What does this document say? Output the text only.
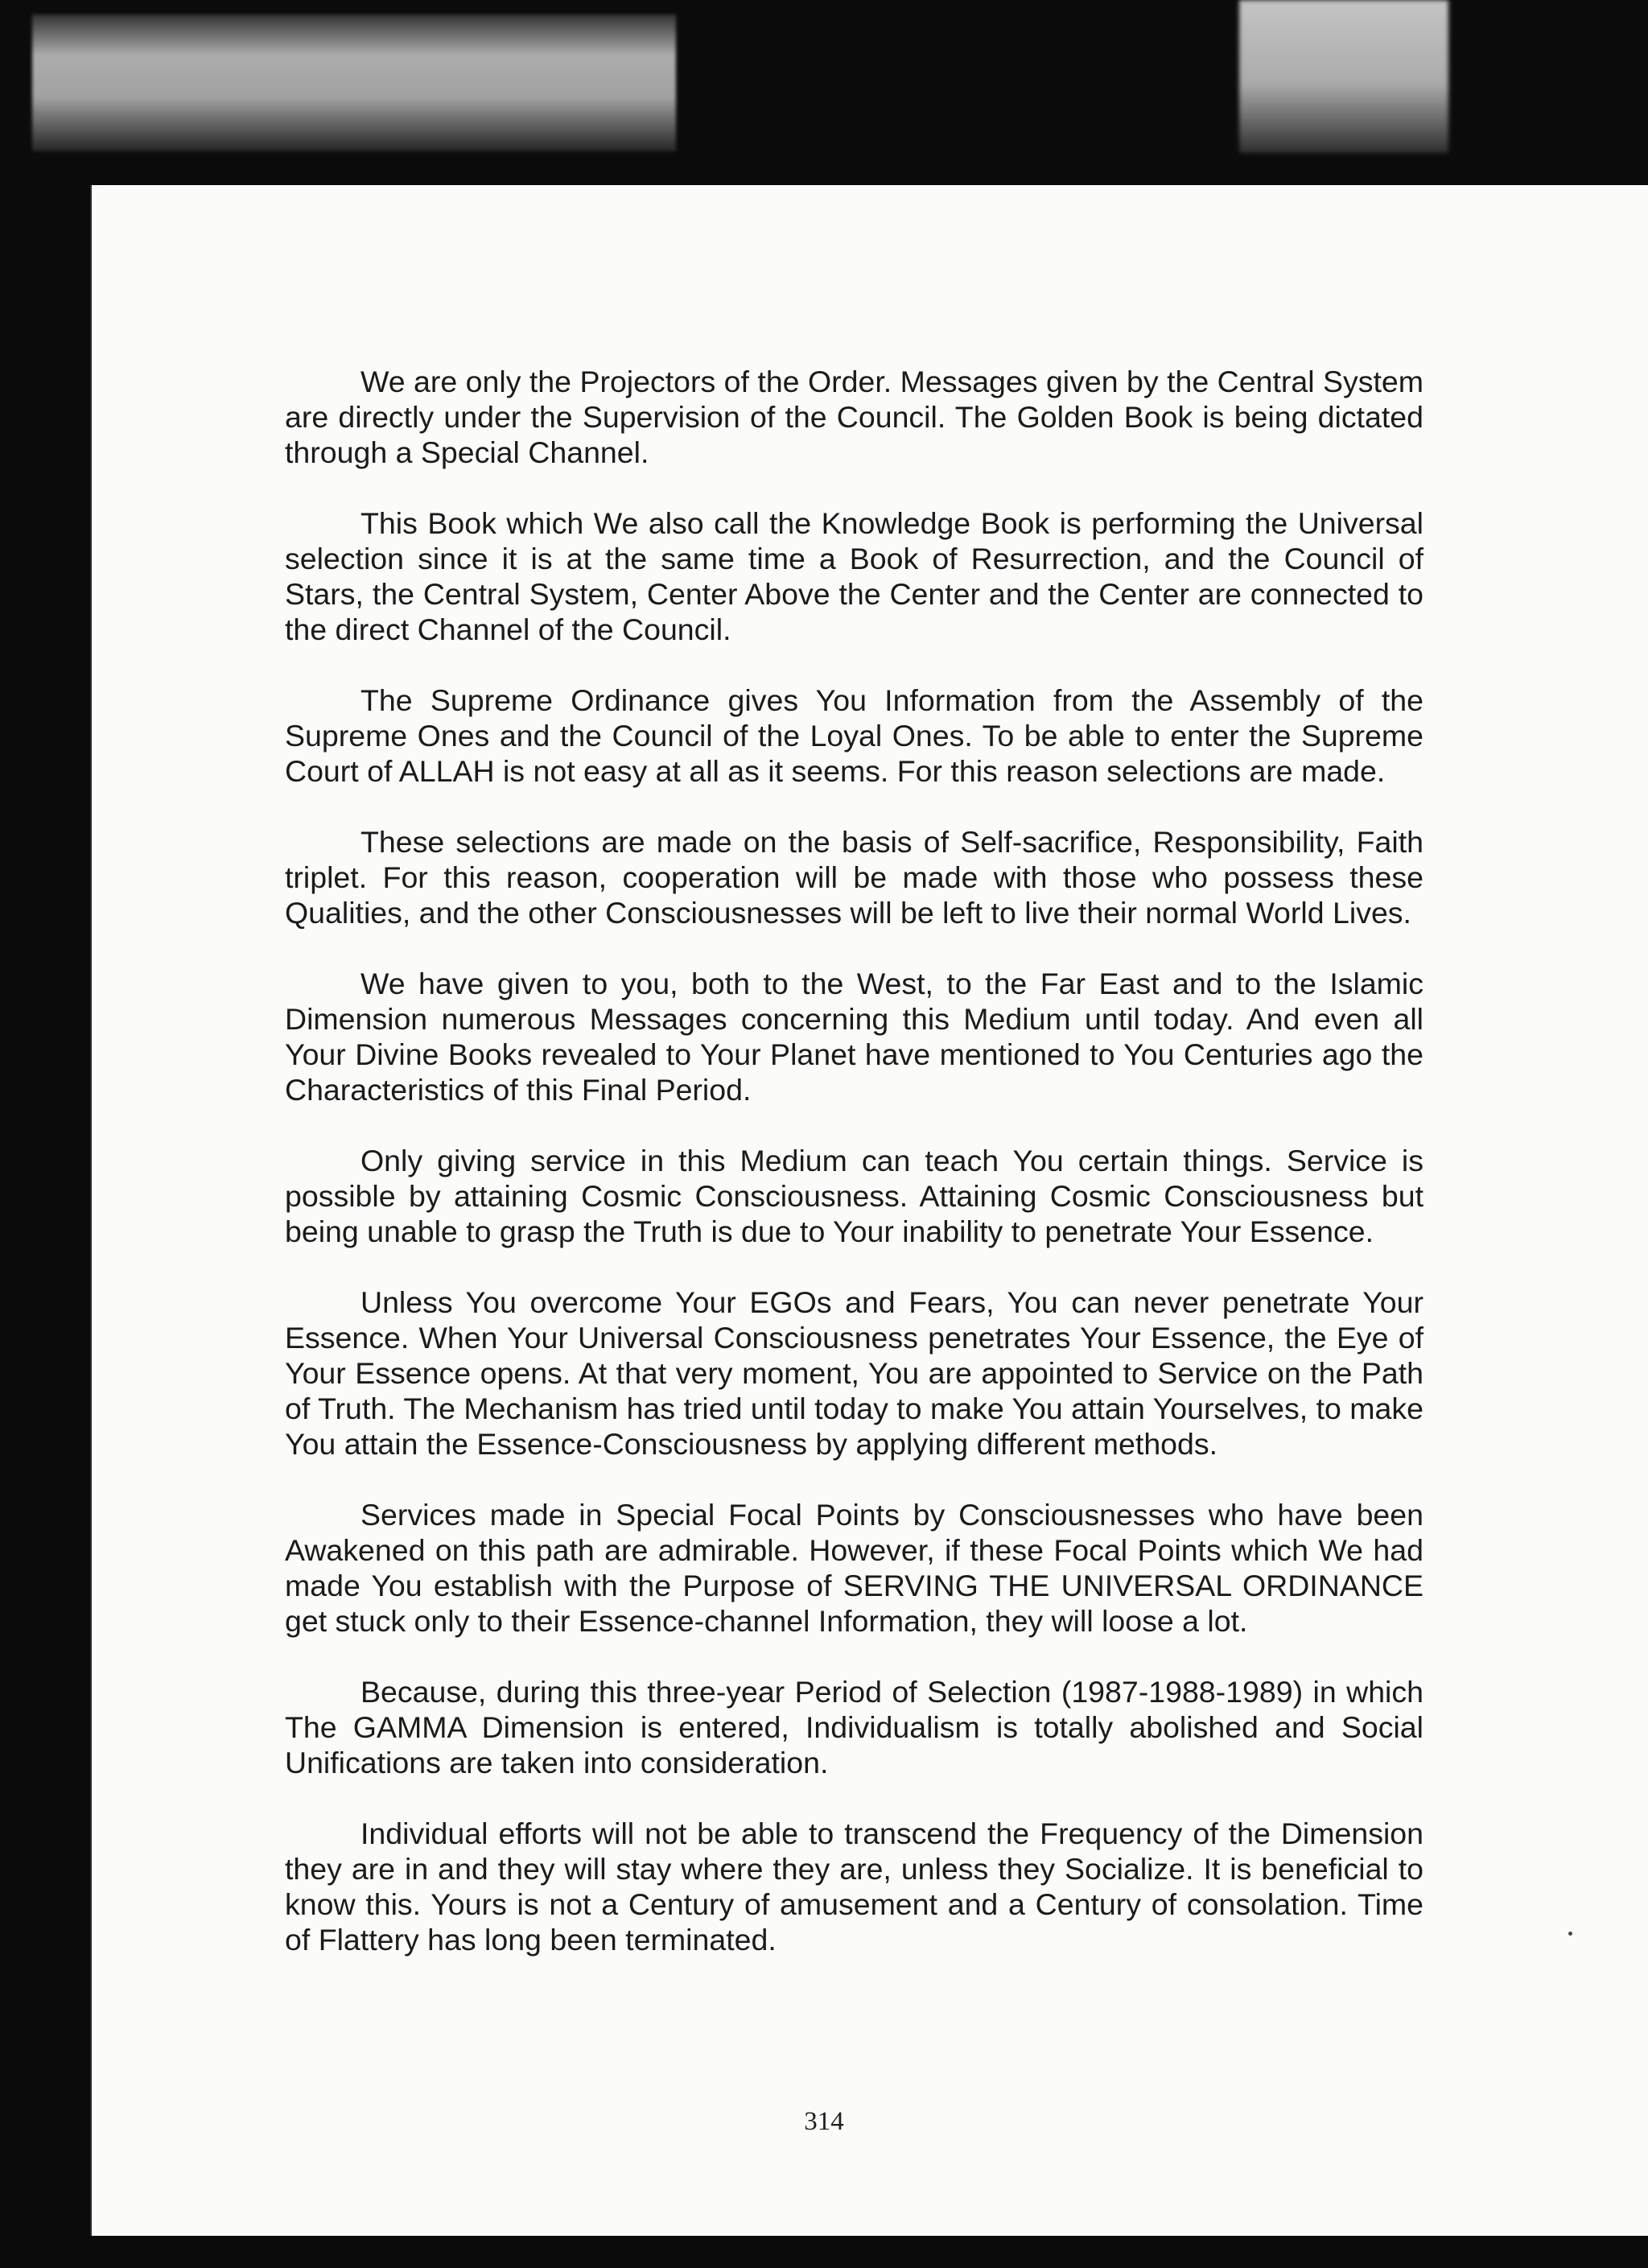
We are only the Projectors of the Order. Messages given by the Central System are directly under the Supervision of the Council. The Golden Book is being dictated through a Special Channel.

This Book which We also call the Knowledge Book is performing the Universal selection since it is at the same time a Book of Resurrection, and the Council of Stars, the Central System, Center Above the Center and the Center are connected to the direct Channel of the Council.

The Supreme Ordinance gives You Information from the Assembly of the Supreme Ones and the Council of the Loyal Ones. To be able to enter the Supreme Court of ALLAH is not easy at all as it seems. For this reason selections are made.

These selections are made on the basis of Self-sacrifice, Responsibility, Faith triplet. For this reason, cooperation will be made with those who possess these Qualities, and the other Consciousnesses will be left to live their normal World Lives.

We have given to you, both to the West, to the Far East and to the Islamic Dimension numerous Messages concerning this Medium until today. And even all Your Divine Books revealed to Your Planet have mentioned to You Centuries ago the Characteristics of this Final Period.

Only giving service in this Medium can teach You certain things. Service is possible by attaining Cosmic Consciousness. Attaining Cosmic Consciousness but being unable to grasp the Truth is due to Your inability to penetrate Your Essence.

Unless You overcome Your EGOs and Fears, You can never penetrate Your Essence. When Your Universal Consciousness penetrates Your Essence, the Eye of Your Essence opens. At that very moment, You are appointed to Service on the Path of Truth. The Mechanism has tried until today to make You attain Yourselves, to make You attain the Essence-Consciousness by applying different methods.

Services made in Special Focal Points by Consciousnesses who have been Awakened on this path are admirable. However, if these Focal Points which We had made You establish with the Purpose of SERVING THE UNIVERSAL ORDINANCE get stuck only to their Essence-channel Information, they will loose a lot.

Because, during this three-year Period of Selection (1987-1988-1989) in which The GAMMA Dimension is entered, Individualism is totally abolished and Social Unifications are taken into consideration.

Individual efforts will not be able to transcend the Frequency of the Dimension they are in and they will stay where they are, unless they Socialize. It is beneficial to know this. Yours is not a Century of amusement and a Century of consolation. Time of Flattery has long been terminated.

314
